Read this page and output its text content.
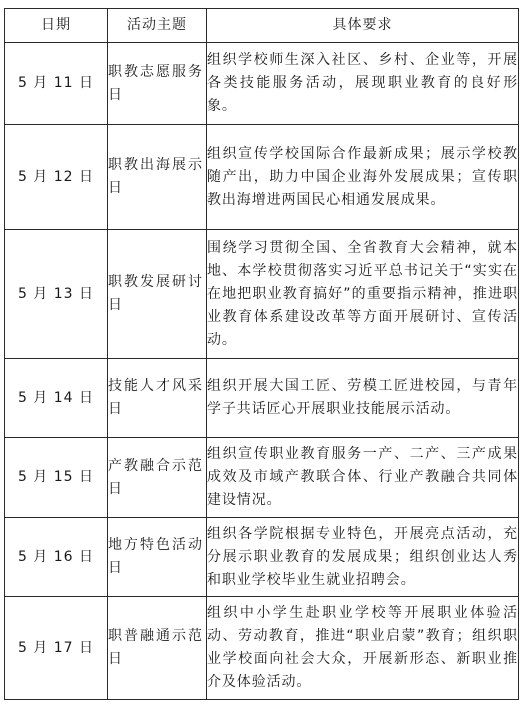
日期	活动主题	具体要求
5 月 11 日	职教志愿服务日	组织学校师生深入社区、乡村、企业等，开展各类技能服务活动，展现职业教育的良好形象。
5 月 12 日	职教出海展示日	组织宣传学校国际合作最新成果；展示学校教随产出，助力中国企业海外发展成果；宣传职教出海增进两国民心相通发展成果。
5 月 13 日	职教发展研讨日	围绕学习贯彻全国、全省教育大会精神，就本地、本学校贯彻落实习近平总书记关于“实实在在地把职业教育搞好”的重要指示精神，推进职业教育体系建设改革等方面开展研讨、宣传活动。
5 月 14 日	技能人才风采日	组织开展大国工匠、劳模工匠进校园，与青年学子共话匠心开展职业技能展示活动。
5 月 15 日	产教融合示范日	组织宣传职业教育服务一产、二产、三产成果成效及市域产教联合体、行业产教融合共同体建设情况。
5 月 16 日	地方特色活动日	组织各学院根据专业特色，开展亮点活动，充分展示职业教育的发展成果；组织创业达人秀和职业学校毕业生就业招聘会。
5 月 17 日	职普融通示范日	组织中小学生赴职业学校等开展职业体验活动、劳动教育，推进“职业启蒙”教育；组织职业学校面向社会大众，开展新形态、新职业推介及体验活动。
